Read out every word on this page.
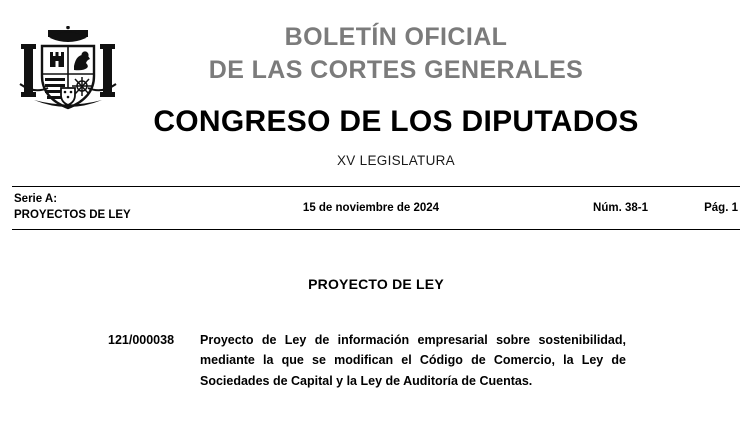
BOLETÍN OFICIAL
DE LAS CORTES GENERALES
CONGRESO DE LOS DIPUTADOS
XV LEGISLATURA
Serie A:
PROYECTOS DE LEY
15 de noviembre de 2024	Núm. 38-1	Pág. 1
PROYECTO DE LEY
121/000038	Proyecto de Ley de información empresarial sobre sostenibilidad, mediante la que se modifican el Código de Comercio, la Ley de Sociedades de Capital y la Ley de Auditoría de Cuentas.
